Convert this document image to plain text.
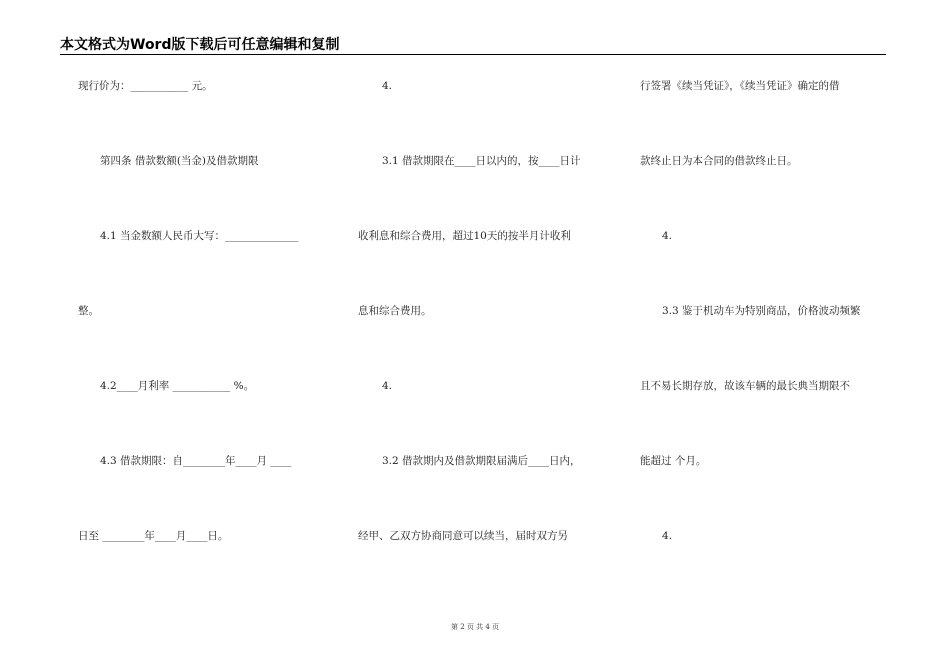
本文格式为Word版下载后可任意编辑和复制
现行价为：___________ 元。
第四条 借款数额(当金)及借款期限
4.1 当金数额人民币大写：______________
整。
4.2____月利率 ___________ %。
4.3 借款期限：自________年____月 ____
日至 ________年____月____日。
4.
3.1 借款期限在____日以内的，按____日计
收利息和综合费用，超过10天的按半月计收利
息和综合费用。
4.
3.2 借款期内及借款期限届满后____日内，
经甲、乙双方协商同意可以续当，届时双方另
行签署《续当凭证》，《续当凭证》确定的借
款终止日为本合同的借款终止日。
4.
3.3 鉴于机动车为特别商品，价格波动频繁
且不易长期存放，故该车辆的最长典当期限不
能超过 个月。
4.
第 2 页 共 4 页
